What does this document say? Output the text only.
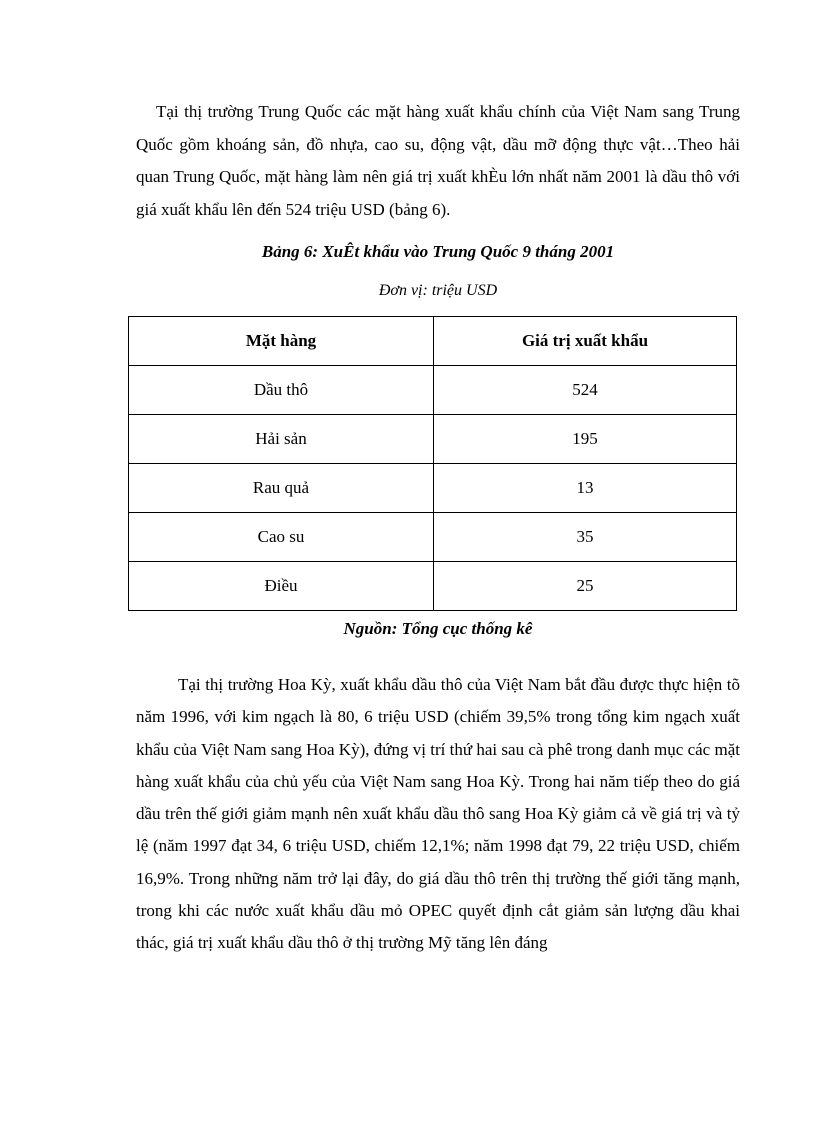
Tại thị trường Trung Quốc các mặt hàng xuất khẩu chính của Việt Nam sang Trung Quốc gồm khoáng sản, đồ nhựa, cao su, động vật, dầu mỡ động thực vật…Theo hải quan Trung Quốc, mặt hàng làm nên giá trị xuất khÈu lớn nhất năm 2001 là dầu thô với giá xuất khẩu lên đến 524 triệu USD (bảng 6).

Bảng 6: XuÊt khẩu vào Trung Quốc 9 tháng 2001

Đơn vị: triệu USD

Mặt hàng	Giá trị xuất khẩu
Dầu thô	524
Hải sản	195
Rau quả	13
Cao su	35
Điều	25

Nguồn: Tổng cục thống kê

Tại thị trường Hoa Kỳ, xuất khẩu dầu thô của Việt Nam bắt đầu được thực hiện tõ năm 1996, với kim ngạch là 80, 6 triệu USD (chiếm 39,5% trong tổng kim ngạch xuất khẩu của Việt Nam sang Hoa Kỳ), đứng vị trí thứ hai sau cà phê trong danh mục các mặt hàng xuất khẩu của chủ yếu của Việt Nam sang Hoa Kỳ. Trong hai năm tiếp theo do giá dầu trên thế giới giảm mạnh nên xuất khẩu dầu thô sang Hoa Kỳ giảm cả về giá trị và tỷ lệ (năm 1997 đạt 34, 6 triệu USD, chiếm 12,1%; năm 1998 đạt 79, 22 triệu USD, chiếm 16,9%. Trong những năm trở lại đây, do giá dầu thô trên thị trường thế giới tăng mạnh, trong khi các nước xuất khẩu dầu mỏ OPEC quyết định cắt giảm sản lượng dầu khai thác, giá trị xuất khẩu dầu thô ở thị trường Mỹ tăng lên đáng
